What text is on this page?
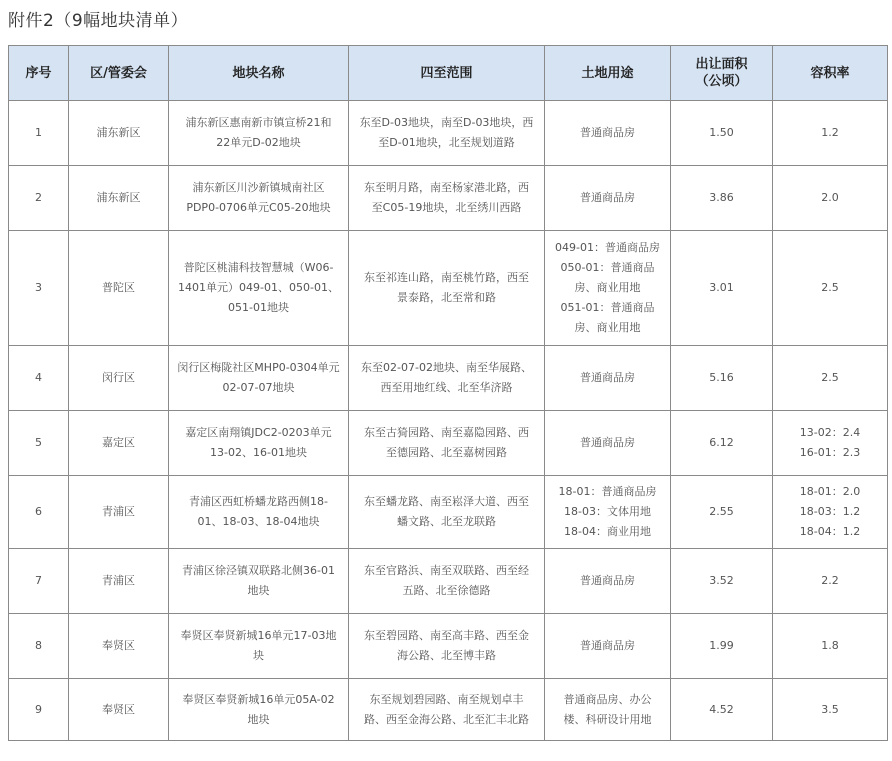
附件2（9幅地块清单）
序号	区/管委会	地块名称	四至范围	土地用途	出让面积
（公顷）	容积率
1	浦东新区	浦东新区惠南新市镇宣桥21和
22单元D-02地块	东至D-03地块，南至D-03地块，西
至D-01地块，北至规划道路	普通商品房	1.50	1.2

2	浦东新区	浦东新区川沙新镇城南社区
PDP0-0706单元C05-20地块	东至明月路，南至杨家港北路，西
至C05-19地块，北至绣川西路	普通商品房	3.86	2.0

3	普陀区	普陀区桃浦科技智慧城（W06-
1401单元）049-01、050-01、
051-01地块	东至祁连山路，南至桃竹路，西至
景泰路，北至常和路	049-01：普通商品房
050-01：普通商品
房、商业用地
051-01：普通商品
房、商业用地	3.01	2.5

4	闵行区	闵行区梅陇社区MHP0-0304单元
02-07-07地块	东至02-07-02地块、南至华展路、
西至用地红线、北至华济路	普通商品房	5.16	2.5

5	嘉定区	嘉定区南翔镇JDC2-0203单元
13-02、16-01地块	东至古猗园路、南至嘉隐园路、西
至德园路、北至嘉树园路	普通商品房	6.12	13-02：2.4
16-01：2.3

6	青浦区	青浦区西虹桥蟠龙路西侧18-
01、18-03、18-04地块	东至蟠龙路、南至崧泽大道、西至
蟠文路、北至龙联路	18-01：普通商品房
18-03：文体用地
18-04：商业用地	2.55	18-01：2.0
18-03：1.2
18-04：1.2

7	青浦区	青浦区徐泾镇双联路北侧36-01
地块	东至官路浜、南至双联路、西至经
五路、北至徐德路	普通商品房	3.52	2.2

8	奉贤区	奉贤区奉贤新城16单元17-03地
块	东至碧园路、南至高丰路、西至金
海公路、北至博丰路	普通商品房	1.99	1.8

9	奉贤区	奉贤区奉贤新城16单元05A-02
地块	东至规划碧园路、南至规划卓丰
路、西至金海公路、北至汇丰北路	普通商品房、办公
楼、科研设计用地	4.52	3.5
